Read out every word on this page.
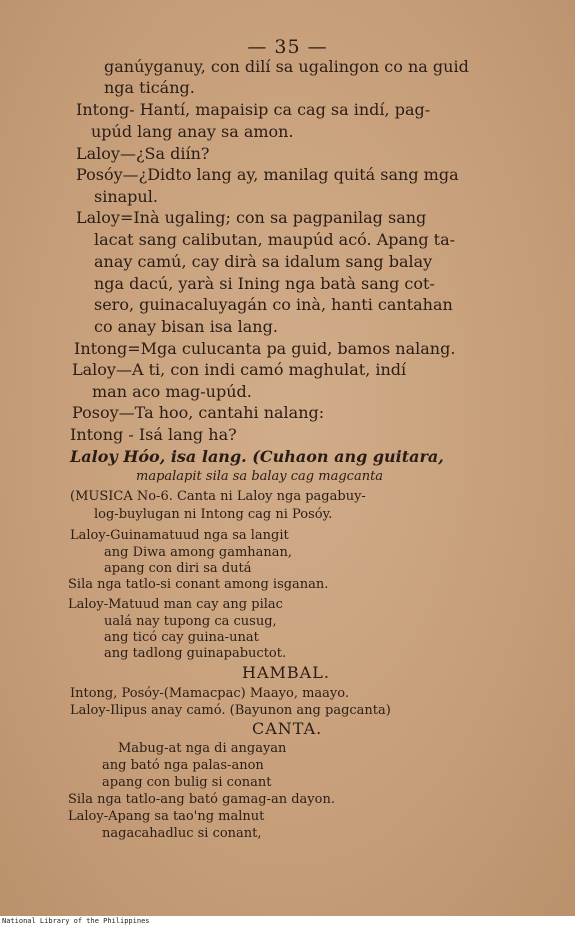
— 35 —
ganúyganuy, con dilí sa ugalingon co na guid
nga ticáng.
Intong- Hantí, mapaisip ca cag sa indí, pag-
upúd lang anay sa amon.
Laloy—¿Sa diín?
Posóy—¿Didto lang ay, manilag quitá sang mga
sinapul.
Laloy=Inà ugaling; con sa pagpanilag sang
lacat sang calibutan, maupúd acó. Apang ta-
anay camú, cay dirà sa idalum sang balay
nga dacú, yarà si Ining nga batà sang cot-
sero, guinacaluyagán co inà, hanti cantahan
co anay bisan isa lang.
Intong=Mga culucanta pa guid, bamos nalang.
Laloy—A ti, con indi camó maghulat, indí
man aco mag-upúd.
Posoy—Ta hoo, cantahi nalang:
Intong - Isá lang ha?
Laloy Hóo, isa lang. (Cuhaon ang guitara,
mapalapit sila sa balay cag magcanta
(MUSICA No-6. Canta ni Laloy nga pagabuy-
log-buylugan ni Intong cag ni Posóy.
Laloy-Guinamatuud nga sa langit
ang Diwa among gamhanan,
apang con diri sa dutá
Sila nga tatlo-si conant among isganan.
Laloy-Matuud man cay ang pilac
ualá nay tupong ca cusug,
ang ticó cay guina-unat
ang tadlong guinapabuctot.
HAMBAL.
Intong, Posóy-(Mamacpac) Maayo, maayo.
Laloy-Ilipus anay camó. (Bayunon ang pagcanta)
CANTA.
Mabug-at nga di angayan
ang bató nga palas-anon
apang con bulig si conant
Sila nga tatlo-ang bató gamag-an dayon.
Laloy-Apang sa tao'ng malnut
nagacahadluc si conant,
National Library of the Philippines
